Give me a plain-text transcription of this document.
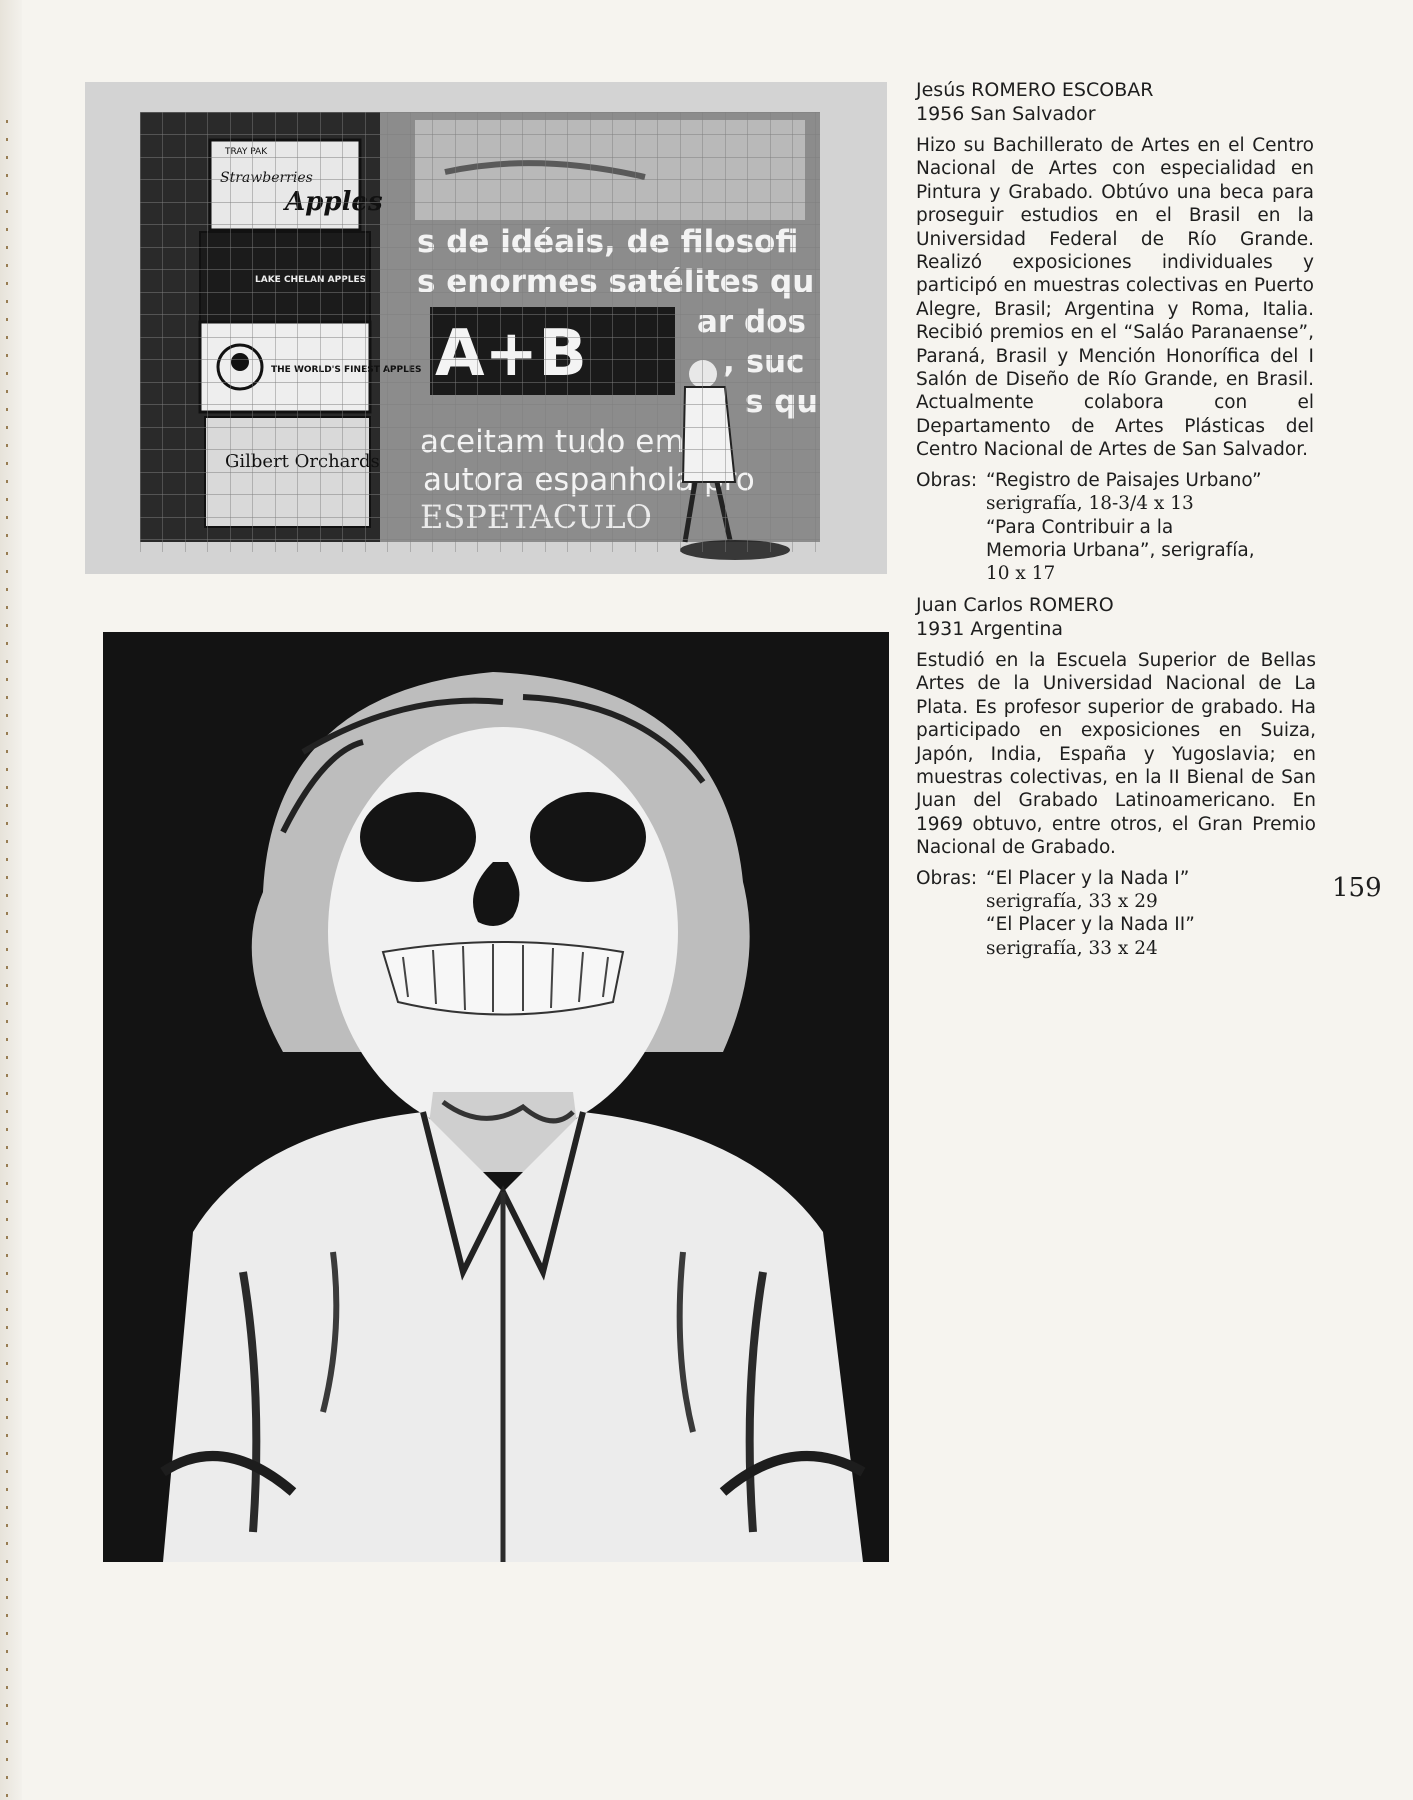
Jesús ROMERO ESCOBAR

1956 San Salvador

Hizo su Bachillerato de Artes en el Centro Nacional de Artes con especialidad en Pintura y Grabado. Obtúvo una beca para proseguir estudios en el Brasil en la Universidad Federal de Río Grande. Realizó exposiciones individuales y participó en muestras colectivas en Puerto Alegre, Brasil; Argentina y Roma, Italia. Recibió premios en el “Saláo Paranaense”, Paraná, Brasil y Mención Honorífica del I Salón de Diseño de Río Grande, en Brasil. Actualmente colabora con el Departamento de Artes Plásticas del Centro Nacional de Artes de San Salvador.

Obras: “Registro de Paisajes Urbano”
serigrafía, 18-3/4 x 13
“Para Contribuir a la
Memoria Urbana”, serigrafía,
10 x 17

Juan Carlos ROMERO

1931 Argentina

Estudió en la Escuela Superior de Bellas Artes de la Universidad Nacional de La Plata. Es profesor superior de grabado. Ha participado en exposiciones en Suiza, Japón, India, España y Yugoslavia; en muestras colectivas, en la II Bienal de San Juan del Grabado Latinoamericano. En 1969 obtuvo, entre otros, el Gran Premio Nacional de Grabado.

Obras: “El Placer y la Nada I”
serigrafía, 33 x 29
“El Placer y la Nada II”
serigrafía, 33 x 24
159
